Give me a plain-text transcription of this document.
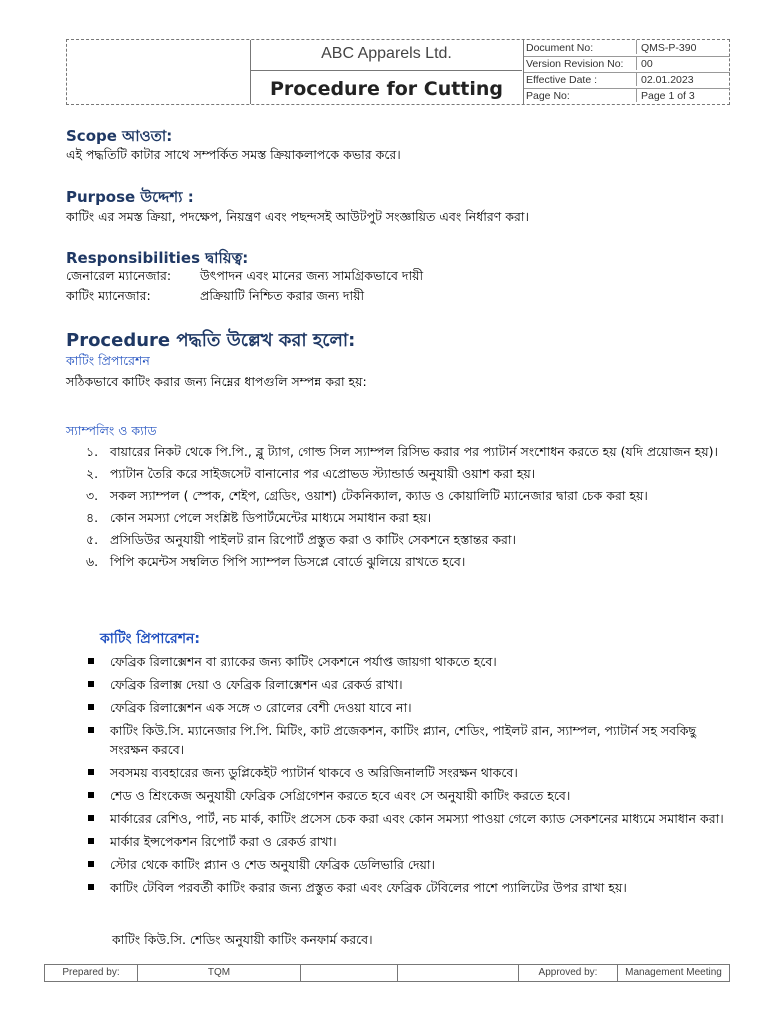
ABC Apparels Ltd.
Procedure for Cutting
Document No:	QMS-P-390
Version Revision No:	00
Effective Date :	02.01.2023
Page No:	Page 1 of 3
Scope আওতা:
এই পদ্ধতিটি কাটার সাথে সম্পর্কিত সমস্ত ক্রিয়াকলাপকে কভার করে।
Purpose উদ্দেশ্য :
কাটিং এর সমস্ত ক্রিয়া, পদক্ষেপ, নিয়ন্ত্রণ এবং পছন্দসই আউটপুট সংজ্ঞায়িত এবং নির্ধারণ করা।
Responsibilities দ্বায়িত্ব:
জেনারেল ম্যানেজার: উৎপাদন এবং মানের জন্য সামগ্রিকভাবে দায়ী
কাটিং ম্যানেজার:	প্রক্রিয়াটি নিশ্চিত করার জন্য দায়ী
Procedure পদ্ধতি উল্লেখ করা হলো:
কাটিং প্রিপারেশন
সঠিকভাবে কাটিং করার জন্য নিম্নের ধাপগুলি সম্পন্ন করা হয়:
স্যাম্পলিং ও ক্যাড
১. বায়ারের নিকট থেকে পি.পি., ব্লু ট্যাগ, গোল্ড সিল স্যাম্পল রিসিভ করার পর প্যাটার্ন সংশোধন করতে হয় (যদি প্রয়োজন হয়)।
২. প্যাটান তৈরি করে সাইজসেট বানানোর পর এপ্রোভড স্ট্যান্ডার্ড অনুযায়ী ওয়াশ করা হয়।
৩. সকল স্যাম্পল ( স্পেক, শেইপ, গ্রেডিং, ওয়াশ) টেকনিক্যাল, ক্যাড ও কোয়ালিটি ম্যানেজার দ্বারা চেক করা হয়।
৪. কোন সমস্যা পেলে সংশ্লিষ্ট ডিপার্টমেন্টের মাধ্যমে সমাধান করা হয়।
৫. প্রসিডিউর অনুযায়ী পাইলট রান রিপোর্ট প্রস্তুত করা ও কাটিং সেকশনে হস্তান্তর করা।
৬. পিপি কমেন্টস সম্বলিত পিপি স্যাম্পল ডিসপ্লে বোর্ডে ঝুলিয়ে রাখতে হবে।
কাটিং প্রিপারেশন:
ফেব্রিক রিলাক্সেশন বা র‍্যাকের জন্য কাটিং সেকশনে পর্যাপ্ত জায়গা থাকতে হবে।
ফেব্রিক রিলাক্স দেয়া ও ফেব্রিক রিলাক্সেশন এর রেকর্ড রাখা।
ফেব্রিক রিলাক্সেশন এক সঙ্গে ৩ রোলের বেশী দেওয়া যাবে না।
কাটিং কিউ.সি. ম্যানেজার পি.পি. মিটিং, কাট প্রজেকশন, কাটিং প্ল্যান, শেডিং, পাইলট রান, স্যাম্পল, প্যাটার্ন সহ সবকিছু সংরক্ষন করবে।
সবসময় ব্যবহারের জন্য ডুপ্লিকেইট প্যাটার্ন থাকবে ও অরিজিনালটি সংরক্ষন থাকবে।
শেড ও শ্রিংকেজ অনুযায়ী ফেব্রিক সেগ্রিগেশন করতে হবে এবং সে অনুযায়ী কাটিং করতে হবে।
মার্কারের রেশিও, পার্ট, নচ মার্ক, কাটিং প্রসেস চেক করা এবং কোন সমস্যা পাওয়া গেলে ক্যাড সেকশনের মাধ্যমে সমাধান করা।
মার্কার ইন্সপেকশন রিপোর্ট করা ও রেকর্ড রাখা।
স্টোর থেকে কাটিং প্ল্যান ও শেড অনুযায়ী ফেব্রিক ডেলিভারি দেয়া।
কাটিং টেবিল পরবর্তী কাটিং করার জন্য প্রস্তুত করা এবং ফেব্রিক টেবিলের পাশে প্যালিটের উপর রাখা হয়।
কাটিং কিউ.সি. শেডিং অনুযায়ী কাটিং কনফার্ম করবে।
Prepared by:	TQM	Approved by:	Management Meeting
